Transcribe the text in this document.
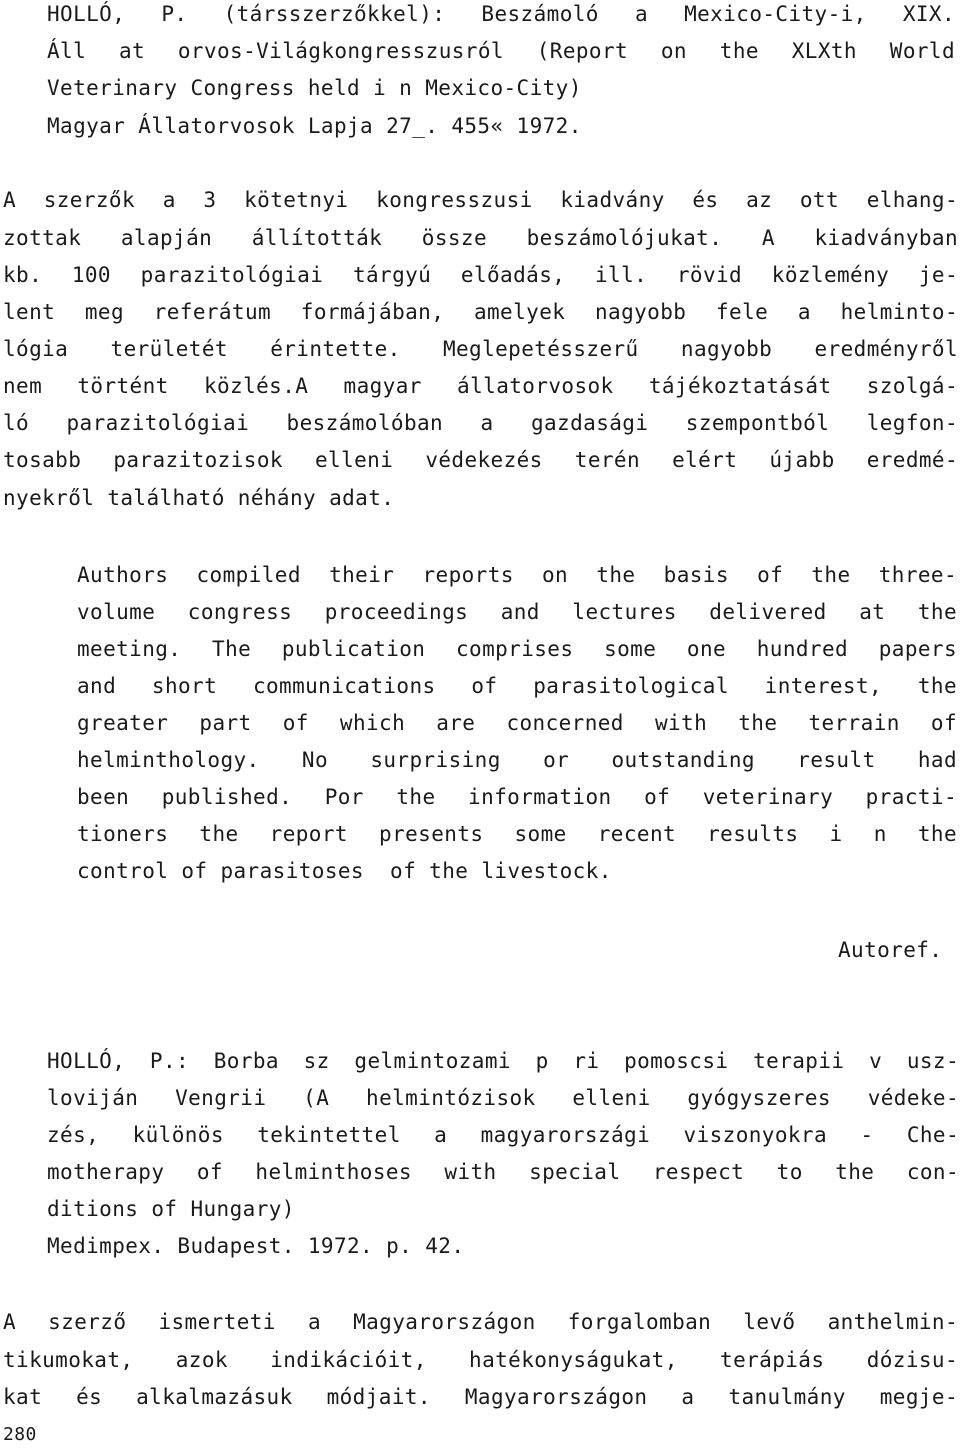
HOLLÓ, P. (társszerzőkkel): Beszámoló a Mexico-City-i, XIX.
Áll at orvos-Világkongresszusról (Report on the XLXth World
Veterinary Congress held i n Mexico-City)
Magyar Állatorvosok Lapja 27_. 455« 1972.
A szerzők a 3 kötetnyi kongresszusi kiadvány és az ott elhang-
zottak alapján állították össze beszámolójukat. A kiadványban
kb. 100 parazitológiai tárgyú előadás, ill. rövid közlemény je-
lent meg referátum formájában, amelyek nagyobb fele a helminto-
lógia területét érintette. Meglepetésszerű nagyobb eredményről
nem történt közlés.A magyar állatorvosok tájékoztatását szolgá-
ló parazitológiai beszámolóban a gazdasági szempontból legfon-
tosabb parazitozisok elleni védekezés terén elért újabb eredmé-
nyekről található néhány adat.
Authors compiled their reports on the basis of the three-
volume congress proceedings and lectures delivered at the
meeting. The publication comprises some one hundred papers
and short communications of parasitological interest, the
greater part of which are concerned with the terrain of
helminthology. No surprising or outstanding result had
been published. Por the information of veterinary practi-
tioners the report presents some recent results i n the
control of parasitoses  of the livestock.
Autoref.
HOLLÓ, P.: Borba sz gelmintozami p ri pomoscsi terapii v usz-
loviján Vengrii (A helmintózisok elleni gyógyszeres védeke-
zés, különös tekintettel a magyarországi viszonyokra - Che-
motherapy of helminthoses with special respect to the con-
ditions of Hungary)
Medimpex. Budapest. 1972. p. 42.
A szerző ismerteti a Magyarországon forgalomban levő anthelmin-
tikumokat, azok indikációit, hatékonyságukat, terápiás dózisu-
kat és alkalmazásuk módjait. Magyarországon a tanulmány megje-
280
